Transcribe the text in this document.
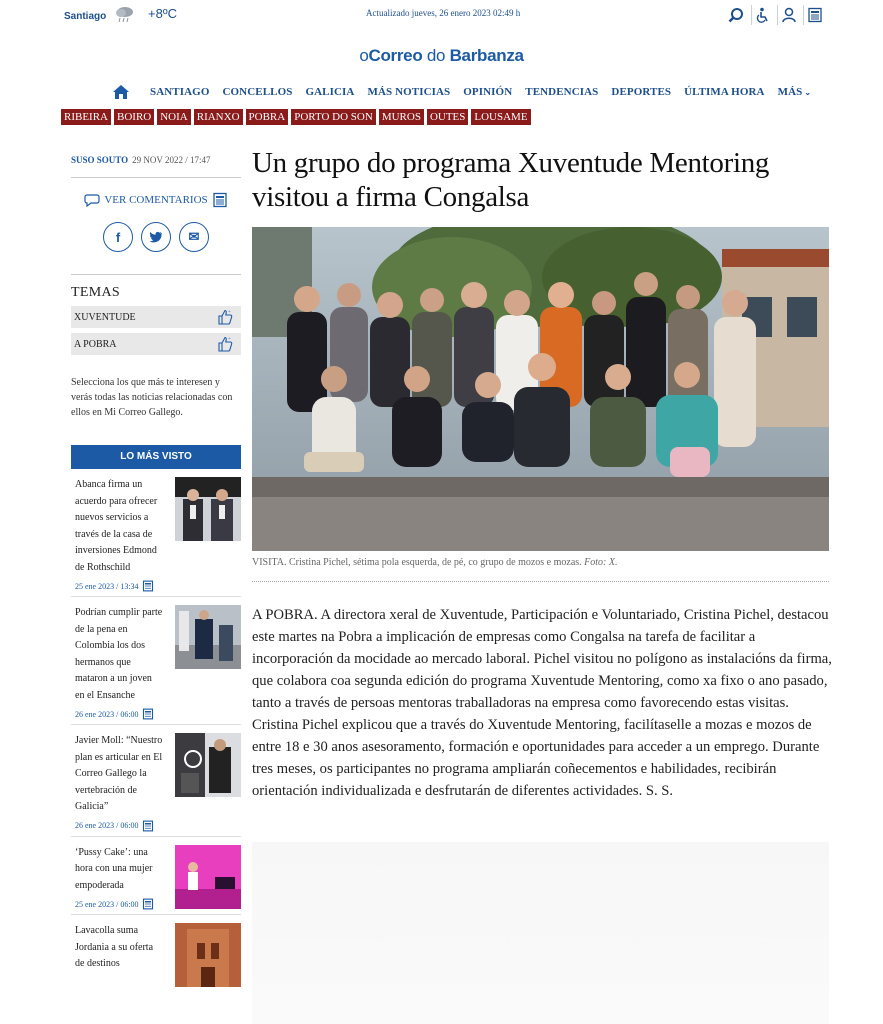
Santiago	+8ºC	Actualizado jueves, 26 enero 2023 02:49 h
oCorreo do Barbanza
SANTIAGO CONCELLOS GALICIA MÁS NOTICIAS OPINIÓN TENDENCIAS DEPORTES ÚLTIMA HORA MÁS ⌄
RIBEIRA BOIRO NOIA RIANXO POBRA PORTO DO SON MUROS OUTES LOUSAME
SUSO SOUTO 29 NOV 2022 / 17:47
VER COMENTARIOS
f	✉
TEMAS
XUVENTUDE	+
A POBRA	+
Selecciona los que más te interesen y verás todas las noticias relacionadas con ellos en Mi Correo Gallego.
LO MÁS VISTO
Abanca firma un acuerdo para ofrecer nuevos servicios a través de la casa de inversiones Edmond de Rothschild
25 ene 2023 / 13:34
Podrían cumplir parte de la pena en Colombia los dos hermanos que mataron a un joven en el Ensanche
26 ene 2023 / 06:00
Javier Moll: “Nuestro plan es articular en El Correo Gallego la vertebración de Galicia”
26 ene 2023 / 06:00
‘Pussy Cake’: una hora con una mujer empoderada
25 ene 2023 / 06:00
Lavacolla suma Jordania a su oferta de destinos
Un grupo do programa Xuventude Mentoring visitou a firma Congalsa
VISITA. Cristina Pichel, sétima pola esquerda, de pé, co grupo de mozos e mozas. Foto: X.

A POBRA. A directora xeral de Xuventude, Participación e Voluntariado, Cristina Pichel, destacou este martes na Pobra a implicación de empresas como Congalsa na tarefa de facilitar a incorporación da mocidade ao mercado laboral. Pichel visitou no polígono as instalacións da firma, que colabora coa segunda edición do programa Xuventude Mentoring, como xa fixo o ano pasado, tanto a través de persoas mentoras traballadoras na empresa como favorecendo estas visitas. Cristina Pichel explicou que a través do Xuventude Mentoring, facilítaselle a mozas e mozos de entre 18 e 30 anos asesoramento, formación e oportunidades para acceder a un emprego. Durante tres meses, os participantes no programa ampliarán coñecementos e habilidades, recibirán orientación individualizada e desfrutarán de diferentes actividades. S. S.
